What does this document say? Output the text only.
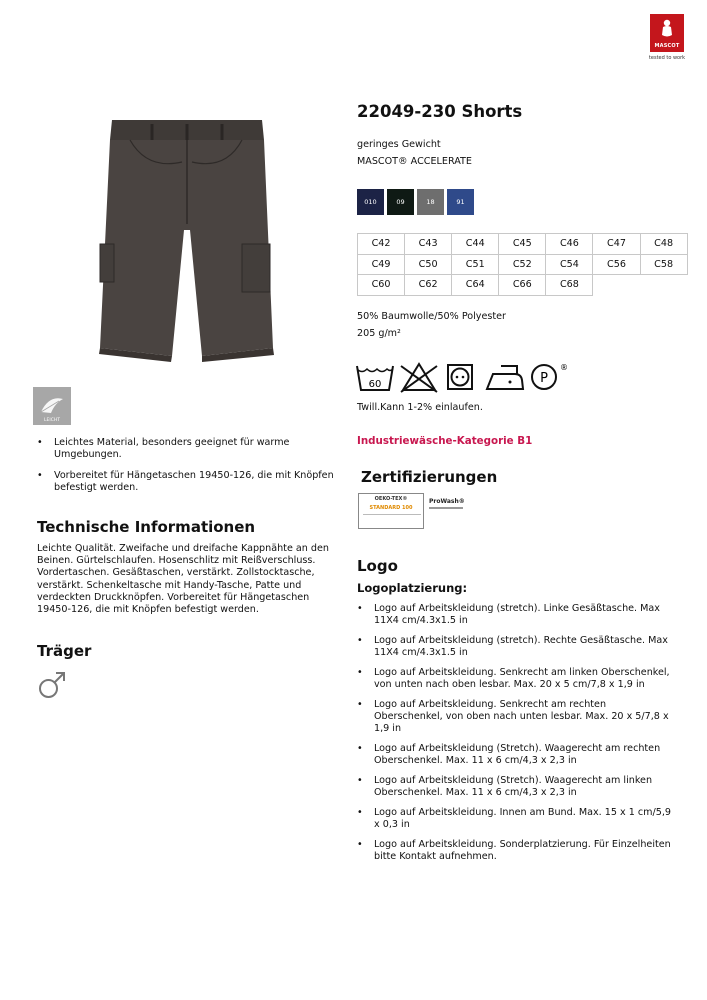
MASCOT
tested to work
LEICHT
• Leichtes Material, besonders geeignet für warme Umgebungen.
• Vorbereitet für Hängetaschen 19450-126, die mit Knöpfen befestigt werden.
Technische Informationen

Leichte Qualität. Zweifache und dreifache Kappnähte an den Beinen. Gürtelschlaufen. Hosenschlitz mit Reißverschluss. Vordertaschen. Gesäßtaschen, verstärkt. Zollstocktasche, verstärkt. Schenkeltasche mit Handy-Tasche, Patte und verdeckten Druckknöpfen. Vorbereitet für Hängetaschen 19450-126, die mit Knöpfen befestigt werden.

Träger
22049-230 Shorts
geringes Gewicht
MASCOT® ACCELERATE
010	09	18	91
C42	C43	C44	C45	C46	C47	C48
C49	C50	C51	C52	C54	C56	C58
C60	C62	C64	C66	C68		
50% Baumwolle/50% Polyester
205 g/m²
60	P
®
Twill.Kann 1-2% einlaufen.
Industriewäsche-Kategorie B1
Zertifizierungen
OEKO-TEX®
STANDARD 100
ProWash®
Logo
Logoplatzierung:
• Logo auf Arbeitskleidung (stretch). Linke Gesäßtasche. Max 11X4 cm/4.3x1.5 in
• Logo auf Arbeitskleidung (stretch). Rechte Gesäßtasche. Max 11X4 cm/4.3x1.5 in
• Logo auf Arbeitskleidung. Senkrecht am linken Oberschenkel, von unten nach oben lesbar. Max. 20 x 5 cm/7,8 x 1,9 in
• Logo auf Arbeitskleidung. Senkrecht am rechten Oberschenkel, von oben nach unten lesbar. Max. 20 x 5/7,8 x 1,9 in
• Logo auf Arbeitskleidung (Stretch). Waagerecht am rechten Oberschenkel. Max. 11 x 6 cm/4,3 x 2,3 in
• Logo auf Arbeitskleidung (Stretch). Waagerecht am linken Oberschenkel. Max. 11 x 6 cm/4,3 x 2,3 in
• Logo auf Arbeitskleidung. Innen am Bund. Max. 15 x 1 cm/5,9 x 0,3 in
• Logo auf Arbeitskleidung. Sonderplatzierung. Für Einzelheiten bitte Kontakt aufnehmen.
